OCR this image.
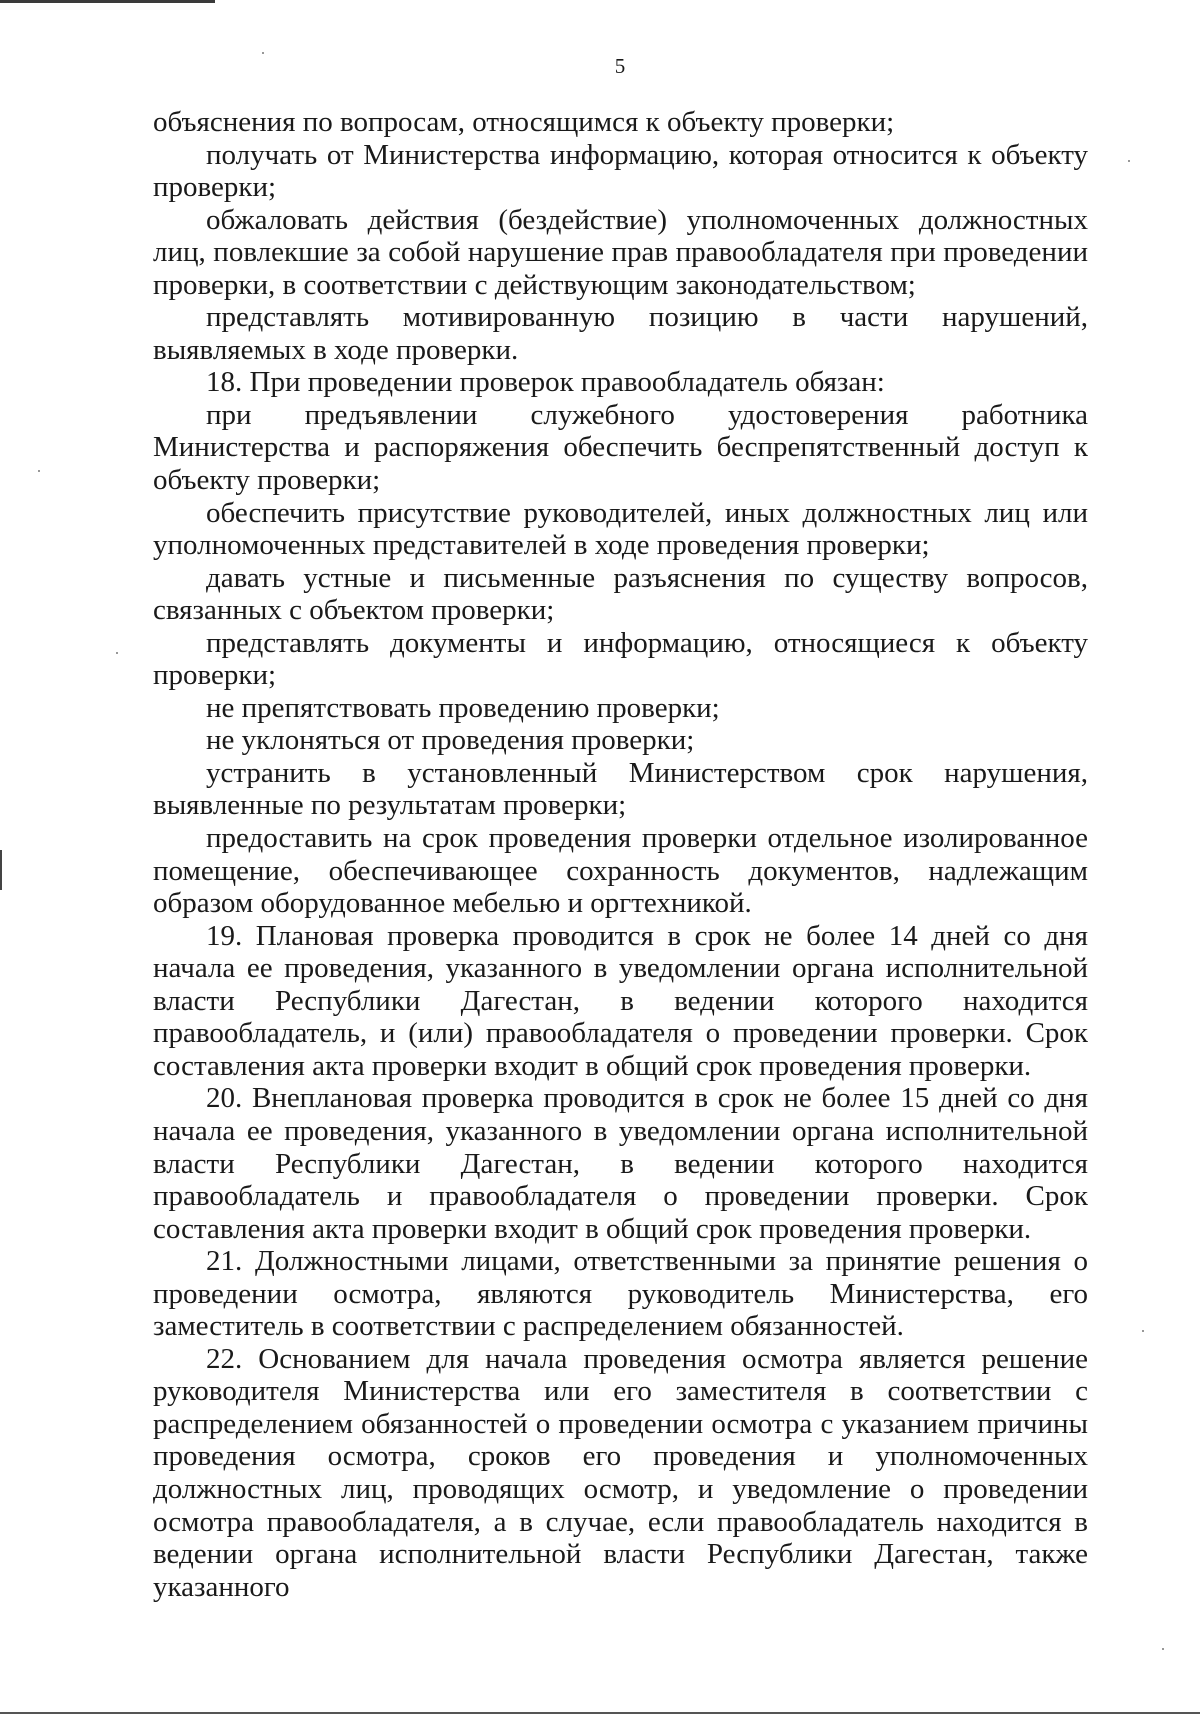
5

объяснения по вопросам, относящимся к объекту проверки;

получать от Министерства информацию, которая относится к объекту проверки;

обжаловать действия (бездействие) уполномоченных должностных лиц, повлекшие за собой нарушение прав правообладателя при проведении проверки, в соответствии с действующим законодательством;

представлять мотивированную позицию в части нарушений, выявляемых в ходе проверки.

18. При проведении проверок правообладатель обязан:

при предъявлении служебного удостоверения работника Министерства и распоряжения обеспечить беспрепятственный доступ к объекту проверки;

обеспечить присутствие руководителей, иных должностных лиц или уполномоченных представителей в ходе проведения проверки;

давать устные и письменные разъяснения по существу вопросов, связанных с объектом проверки;

представлять документы и информацию, относящиеся к объекту проверки;

не препятствовать проведению проверки;

не уклоняться от проведения проверки;

устранить в установленный Министерством срок нарушения, выявленные по результатам проверки;

предоставить на срок проведения проверки отдельное изолированное помещение, обеспечивающее сохранность документов, надлежащим образом оборудованное мебелью и оргтехникой.

19. Плановая проверка проводится в срок не более 14 дней со дня начала ее проведения, указанного в уведомлении органа исполнительной власти Республики Дагестан, в ведении которого находится правообладатель, и (или) правообладателя о проведении проверки. Срок составления акта проверки входит в общий срок проведения проверки.

20. Внеплановая проверка проводится в срок не более 15 дней со дня начала ее проведения, указанного в уведомлении органа исполнительной власти Республики Дагестан, в ведении которого находится правообладатель и правообладателя о проведении проверки. Срок составления акта проверки входит в общий срок проведения проверки.

21. Должностными лицами, ответственными за принятие решения о проведении осмотра, являются руководитель Министерства, его заместитель в соответствии с распределением обязанностей.

22. Основанием для начала проведения осмотра является решение руководителя Министерства или его заместителя в соответствии с распределением обязанностей о проведении осмотра с указанием причины проведения осмотра, сроков его проведения и уполномоченных должностных лиц, проводящих осмотр, и уведомление о проведении осмотра правообладателя, а в случае, если правообладатель находится в ведении органа исполнительной власти Республики Дагестан, также указанного
